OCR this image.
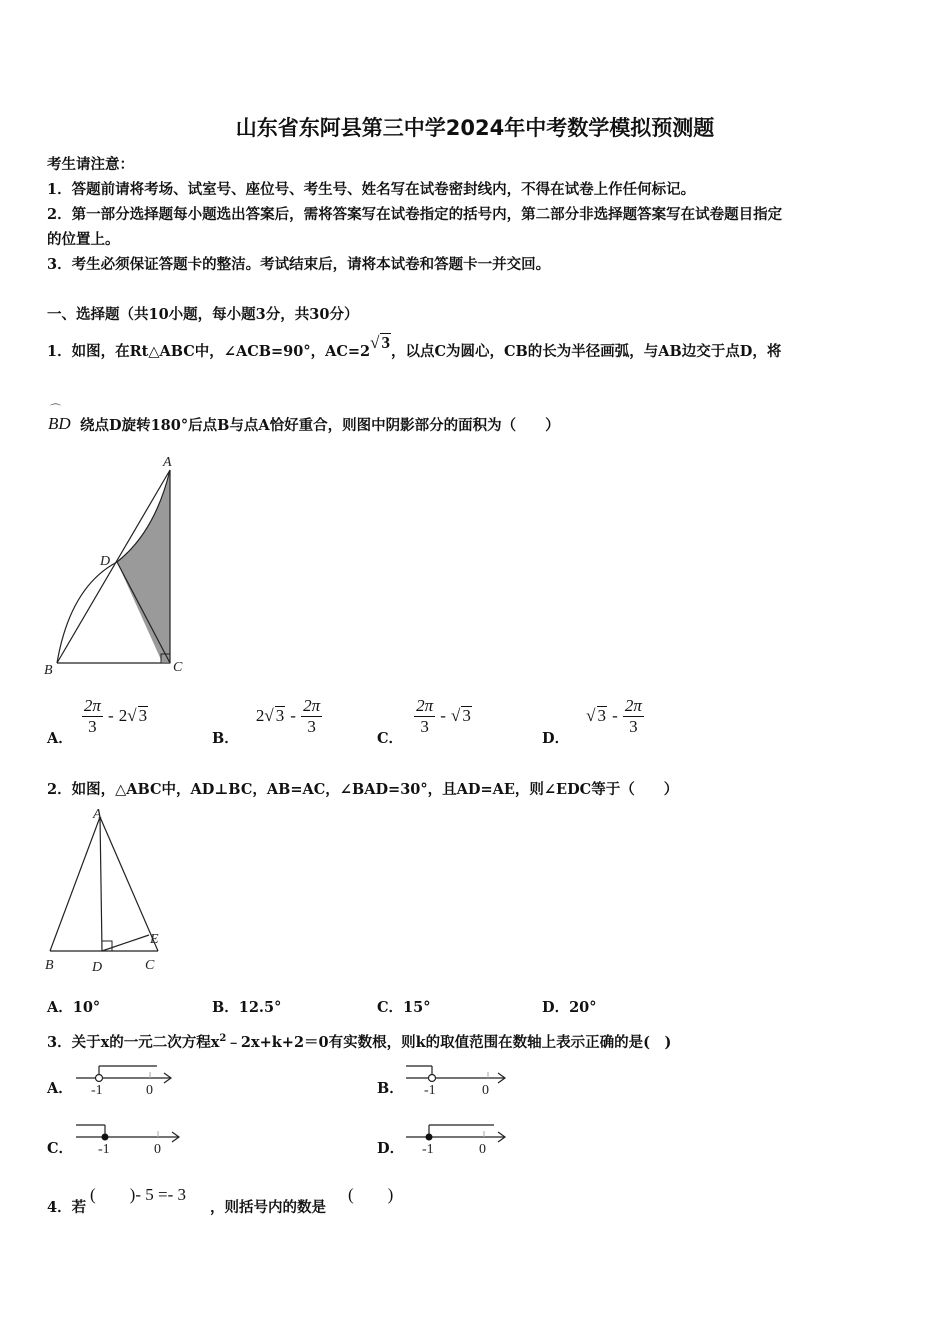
山东省东阿县第三中学2024年中考数学模拟预测题
考生请注意：
1．答题前请将考场、试室号、座位号、考生号、姓名写在试卷密封线内，不得在试卷上作任何标记。
2．第一部分选择题每小题选出答案后，需将答案写在试卷指定的括号内，第二部分非选择题答案写在试卷题目指定
的位置上。
3．考生必须保证答题卡的整洁。考试结束后，请将本试卷和答题卡一并交回。
一、选择题（共10小题，每小题3分，共30分）
1．如图，在Rt△ABC中，∠ACB=90°，AC=2√ 3，以点C为圆心，CB的长为半径画弧，与AB边交于点D，将
⌒
BD 绕点D旋转180°后点B与点A恰好重合，则图中阴影部分的面积为（　　）
A
B	C
D
A．
$\frac{2\pi}{3} - 2√$ 3
B． 2√ $3 - \frac{2\pi}{3}$
C．
$\frac{2\pi}{3}$ - √ 3
D． √ $3 - \frac{2\pi}{3}$
2．如图，△ABC中，AD⊥BC，AB=AC，∠BAD=30°，且AD=AE，则∠EDC等于（　　）
A
B	D	C
E
A．10°	B．12.5°	C．15°	D．20°
3．关于x的一元二次方程$x^2﹣2x+k+2=0$有实数根，则k的取值范围在数轴上表示正确的是(　)
A． -1	0	B． -1	0
C． -1	0	D． -1	0
4．若
(　　)- 5 =- 3
，则括号内的数是
(　　)
